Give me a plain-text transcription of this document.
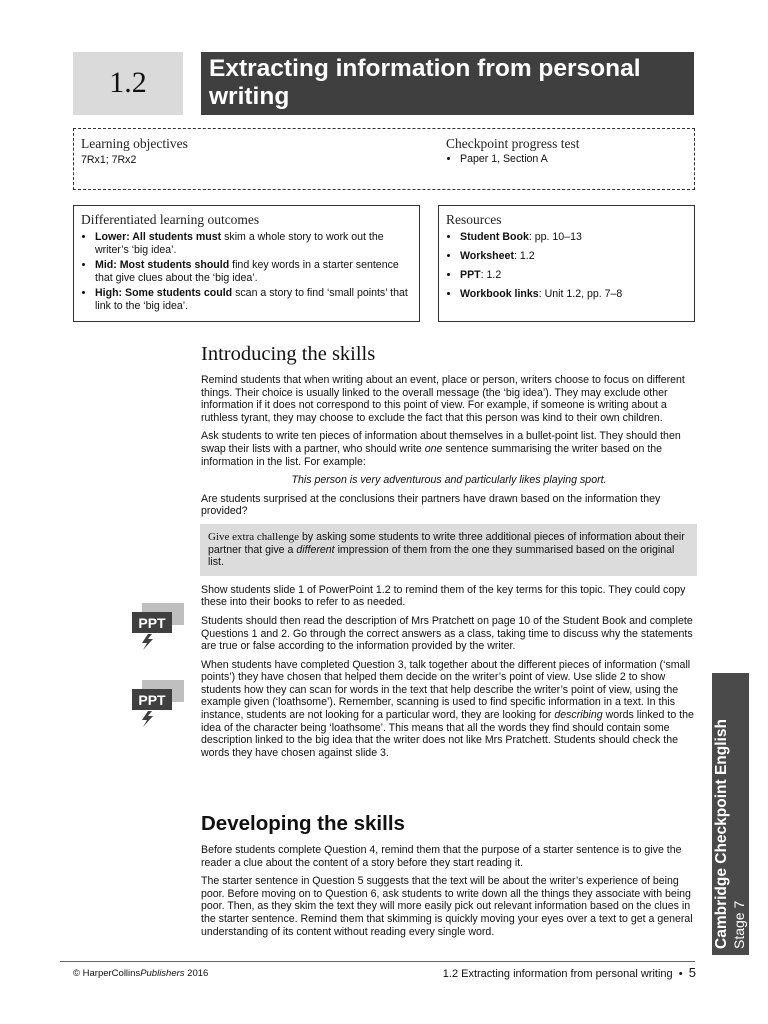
1.2	Extracting information from personal writing
Learning objectives
7Rx1; 7Rx2
Checkpoint progress test
• Paper 1, Section A
Differentiated learning outcomes
• Lower: All students must skim a whole story to work out the writer’s ‘big idea’.
• Mid: Most students should find key words in a starter sentence that give clues about the ‘big idea’.
• High: Some students could scan a story to find ‘small points’ that link to the ‘big idea’.
Resources
• Student Book: pp. 10–13
• Worksheet: 1.2
• PPT: 1.2
• Workbook links: Unit 1.2, pp. 7–8
Introducing the skills

Remind students that when writing about an event, place or person, writers choose to focus on different things. Their choice is usually linked to the overall message (the ‘big idea’). They may exclude other information if it does not correspond to this point of view. For example, if someone is writing about a ruthless tyrant, they may choose to exclude the fact that this person was kind to their own children.

Ask students to write ten pieces of information about themselves in a bullet-point list. They should then swap their lists with a partner, who should write one sentence summarising the writer based on the information in the list. For example:

This person is very adventurous and particularly likes playing sport.

Are students surprised at the conclusions their partners have drawn based on the information they provided?

Give extra challenge by asking some students to write three additional pieces of information about their partner that give a different impression of them from the one they summarised based on the original list.

Show students slide 1 of PowerPoint 1.2 to remind them of the key terms for this topic. They could copy these into their books to refer to as needed.

Students should then read the description of Mrs Pratchett on page 10 of the Student Book and complete Questions 1 and 2. Go through the correct answers as a class, taking time to discuss why the statements are true or false according to the information provided by the writer.

When students have completed Question 3, talk together about the different pieces of information (‘small points’) they have chosen that helped them decide on the writer’s point of view. Use slide 2 to show students how they can scan for words in the text that help describe the writer’s point of view, using the example given (‘loathsome’). Remember, scanning is used to find specific information in a text. In this instance, students are not looking for a particular word, they are looking for describing words linked to the idea of the character being ‘loathsome’. This means that all the words they find should contain some description linked to the big idea that the writer does not like Mrs Pratchett. Students should check the words they have chosen against slide 3.

Developing the skills

Before students complete Question 4, remind them that the purpose of a starter sentence is to give the reader a clue about the content of a story before they start reading it.

The starter sentence in Question 5 suggests that the text will be about the writer’s experience of being poor. Before moving on to Question 6, ask students to write down all the things they associate with being poor. Then, as they skim the text they will more easily pick out relevant information based on the clues in the starter sentence. Remind them that skimming is quickly moving your eyes over a text to get a general understanding of its content without reading every single word.

PPT
PPT
Cambridge Checkpoint English Stage 7
© HarperCollinsPublishers 2016	1.2 Extracting information from personal writing • 5
